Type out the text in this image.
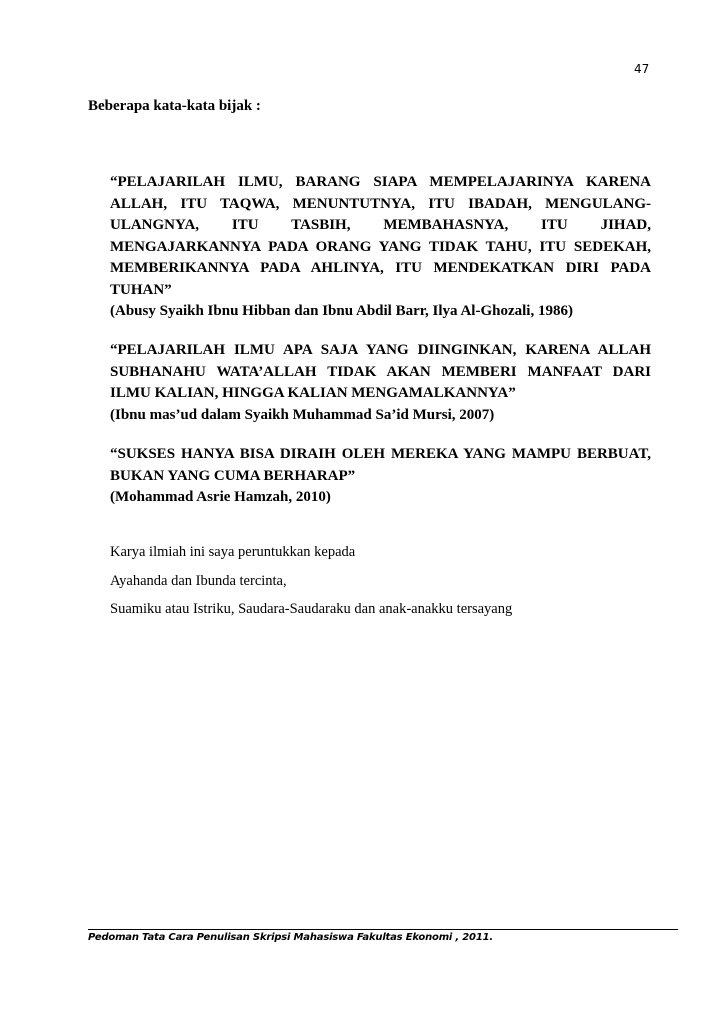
47
Beberapa kata-kata bijak :
“PELAJARILAH ILMU, BARANG SIAPA MEMPELAJARINYA KARENA ALLAH, ITU TAQWA, MENUNTUTNYA, ITU IBADAH, MENGULANG-ULANGNYA, ITU TASBIH, MEMBAHASNYA, ITU JIHAD, MENGAJARKANNYA PADA ORANG YANG TIDAK TAHU, ITU SEDEKAH, MEMBERIKANNYA PADA AHLINYA, ITU MENDEKATKAN DIRI PADA TUHAN”
(Abusy Syaikh Ibnu Hibban dan Ibnu Abdil Barr, Ilya Al-Ghozali, 1986)
“PELAJARILAH ILMU APA SAJA YANG DIINGINKAN, KARENA ALLAH SUBHANAHU WATA’ALLAH TIDAK AKAN MEMBERI MANFAAT DARI ILMU KALIAN, HINGGA KALIAN MENGAMALKANNYA”
(Ibnu mas’ud dalam Syaikh Muhammad Sa’id Mursi, 2007)
“SUKSES HANYA BISA DIRAIH OLEH MEREKA YANG MAMPU BERBUAT, BUKAN YANG CUMA BERHARAP”
(Mohammad Asrie Hamzah, 2010)

Karya ilmiah ini saya peruntukkan kepada

Ayahanda dan Ibunda tercinta,

Suamiku atau Istriku, Saudara-Saudaraku dan anak-anakku tersayang

Pedoman Tata Cara Penulisan Skripsi Mahasiswa Fakultas Ekonomi , 2011.
